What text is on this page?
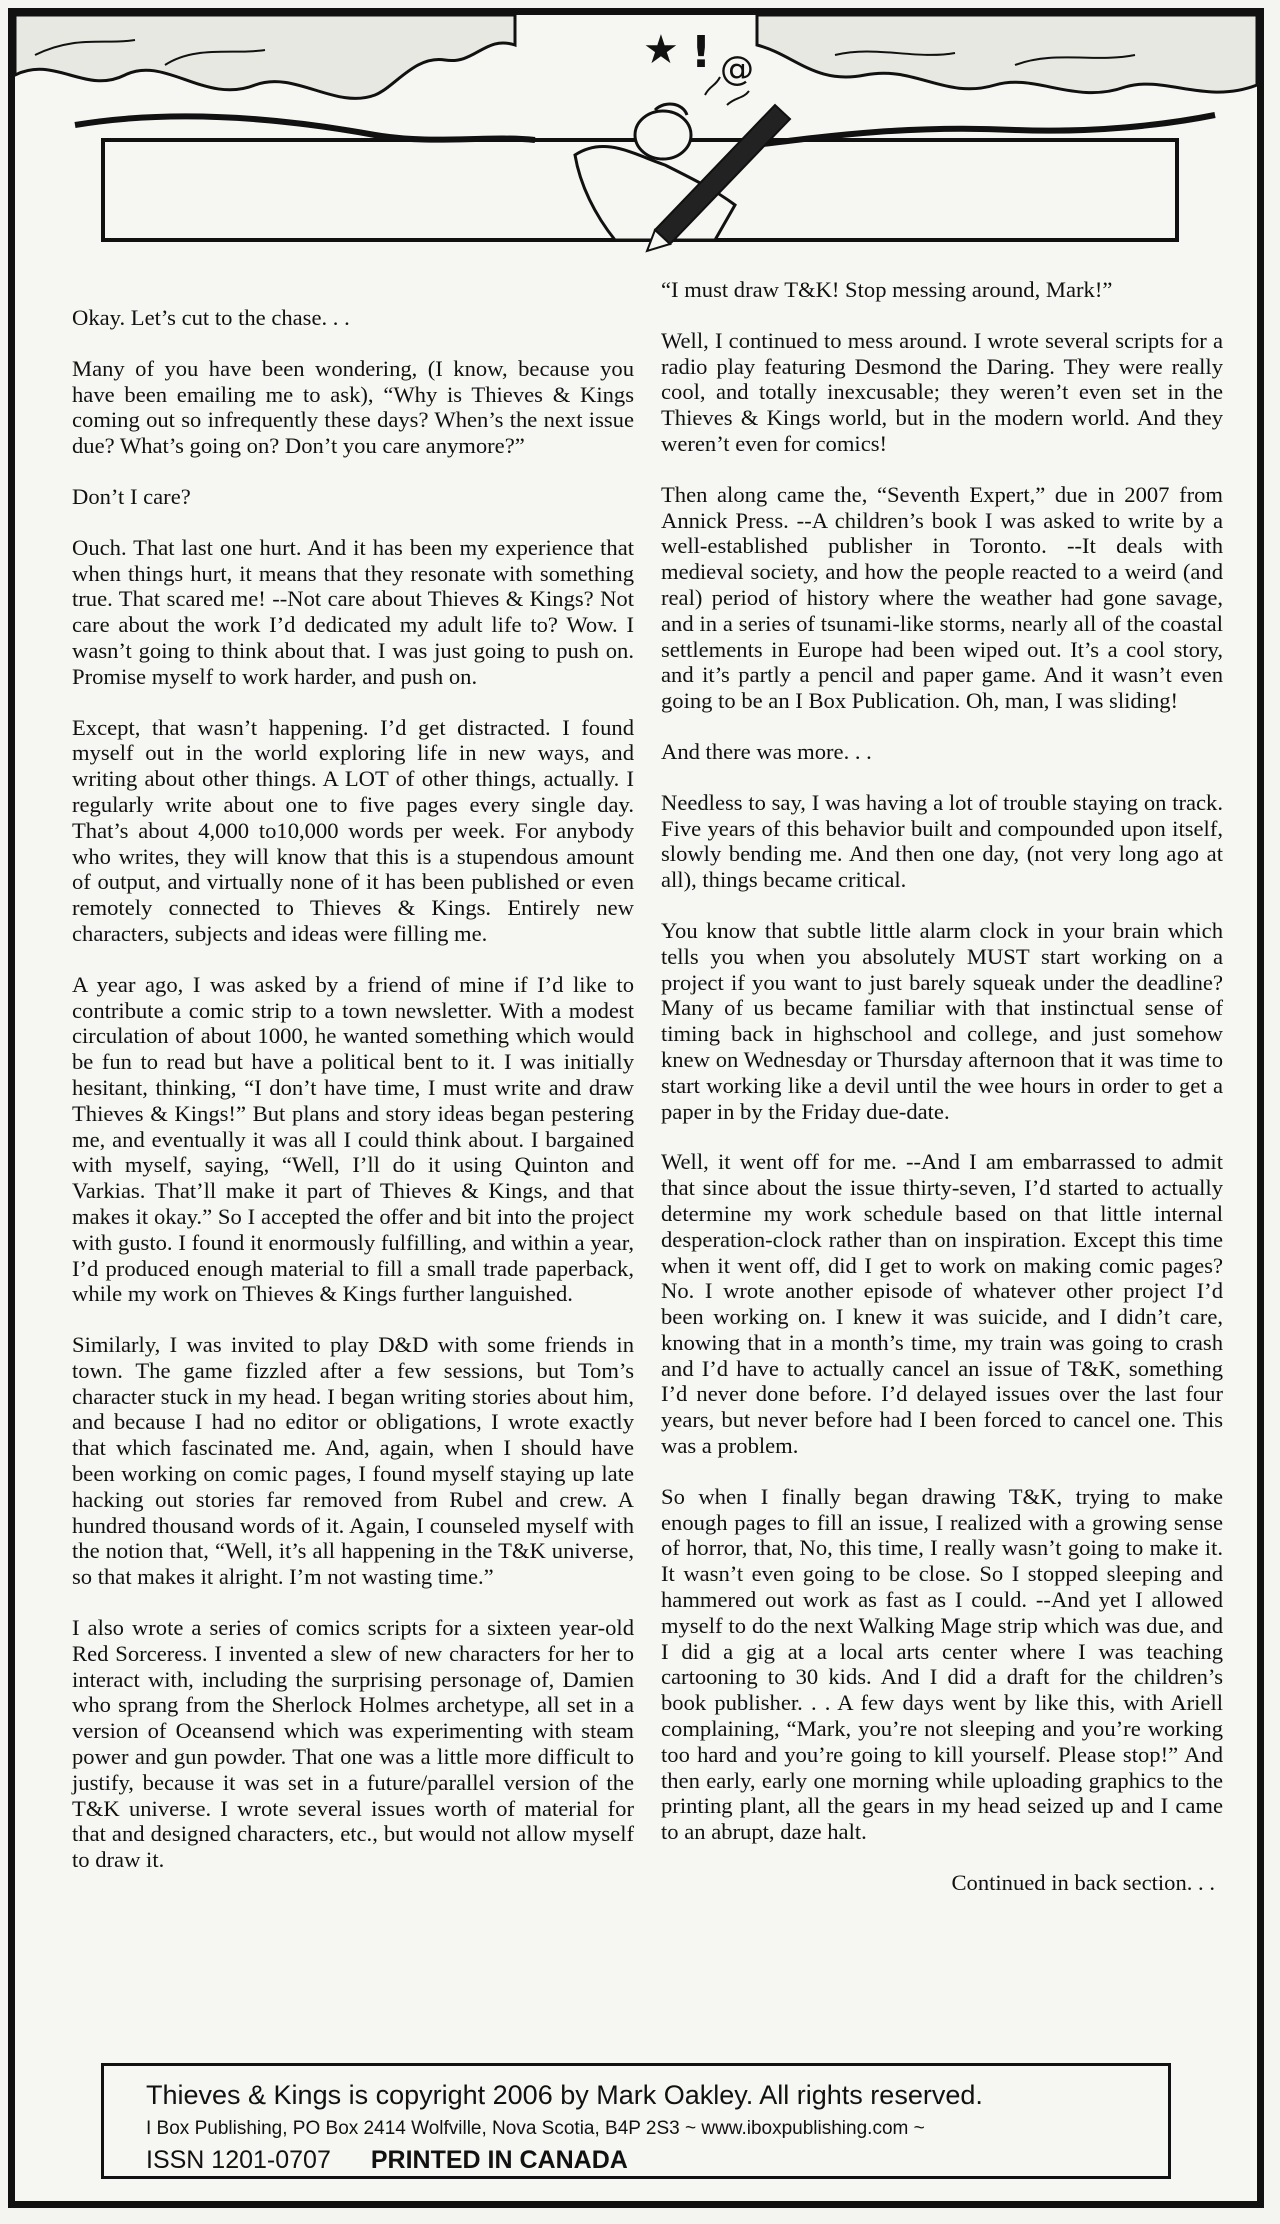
★ ! @

Okay. Let’s cut to the chase. . .

Many of you have been wondering, (I know, because you have been emailing me to ask), “Why is Thieves & Kings coming out so infrequently these days? When’s the next issue due? What’s going on? Don’t you care anymore?”

Don’t I care?

Ouch. That last one hurt. And it has been my experience that when things hurt, it means that they resonate with something true. That scared me! --Not care about Thieves & Kings? Not care about the work I’d dedicated my adult life to? Wow. I wasn’t going to think about that. I was just going to push on. Promise myself to work harder, and push on.

Except, that wasn’t happening. I’d get distracted. I found myself out in the world exploring life in new ways, and writing about other things. A LOT of other things, actually. I regularly write about one to five pages every single day. That’s about 4,000 to10,000 words per week. For anybody who writes, they will know that this is a stupendous amount of output, and virtually none of it has been published or even remotely connected to Thieves & Kings. Entirely new characters, subjects and ideas were filling me.

A year ago, I was asked by a friend of mine if I’d like to contribute a comic strip to a town newsletter. With a modest circulation of about 1000, he wanted something which would be fun to read but have a political bent to it. I was initially hesitant, thinking, “I don’t have time, I must write and draw Thieves & Kings!” But plans and story ideas began pestering me, and eventually it was all I could think about. I bargained with myself, saying, “Well, I’ll do it using Quinton and Varkias. That’ll make it part of Thieves & Kings, and that makes it okay.” So I accepted the offer and bit into the project with gusto. I found it enormously fulfilling, and within a year, I’d produced enough material to fill a small trade paperback, while my work on Thieves & Kings further languished.

Similarly, I was invited to play D&D with some friends in town. The game fizzled after a few sessions, but Tom’s character stuck in my head. I began writing stories about him, and because I had no editor or obligations, I wrote exactly that which fascinated me. And, again, when I should have been working on comic pages, I found myself staying up late hacking out stories far removed from Rubel and crew. A hundred thousand words of it. Again, I counseled myself with the notion that, “Well, it’s all happening in the T&K universe, so that makes it alright. I’m not wasting time.”

I also wrote a series of comics scripts for a sixteen year-old Red Sorceress. I invented a slew of new characters for her to interact with, including the surprising personage of, Damien who sprang from the Sherlock Holmes archetype, all set in a version of Oceansend which was experimenting with steam power and gun powder. That one was a little more difficult to justify, because it was set in a future/parallel version of the T&K universe. I wrote several issues worth of material for that and designed characters, etc., but would not allow myself to draw it.

“I must draw T&K! Stop messing around, Mark!”

Well, I continued to mess around. I wrote several scripts for a radio play featuring Desmond the Daring. They were really cool, and totally inexcusable; they weren’t even set in the Thieves & Kings world, but in the modern world. And they weren’t even for comics!

Then along came the, “Seventh Expert,” due in 2007 from Annick Press. --A children’s book I was asked to write by a well-established publisher in Toronto. --It deals with medieval society, and how the people reacted to a weird (and real) period of history where the weather had gone savage, and in a series of tsunami-like storms, nearly all of the coastal settlements in Europe had been wiped out. It’s a cool story, and it’s partly a pencil and paper game. And it wasn’t even going to be an I Box Publication. Oh, man, I was sliding!

And there was more. . .

Needless to say, I was having a lot of trouble staying on track. Five years of this behavior built and compounded upon itself, slowly bending me. And then one day, (not very long ago at all), things became critical.

You know that subtle little alarm clock in your brain which tells you when you absolutely MUST start working on a project if you want to just barely squeak under the deadline? Many of us became familiar with that instinctual sense of timing back in highschool and college, and just somehow knew on Wednesday or Thursday afternoon that it was time to start working like a devil until the wee hours in order to get a paper in by the Friday due-date.

Well, it went off for me. --And I am embarrassed to admit that since about the issue thirty-seven, I’d started to actually determine my work schedule based on that little internal desperation-clock rather than on inspiration. Except this time when it went off, did I get to work on making comic pages? No. I wrote another episode of whatever other project I’d been working on. I knew it was suicide, and I didn’t care, knowing that in a month’s time, my train was going to crash and I’d have to actually cancel an issue of T&K, something I’d never done before. I’d delayed issues over the last four years, but never before had I been forced to cancel one. This was a problem.

So when I finally began drawing T&K, trying to make enough pages to fill an issue, I realized with a growing sense of horror, that, No, this time, I really wasn’t going to make it. It wasn’t even going to be close. So I stopped sleeping and hammered out work as fast as I could. --And yet I allowed myself to do the next Walking Mage strip which was due, and I did a gig at a local arts center where I was teaching cartooning to 30 kids. And I did a draft for the children’s book publisher. . . A few days went by like this, with Ariell complaining, “Mark, you’re not sleeping and you’re working too hard and you’re going to kill yourself. Please stop!” And then early, early one morning while uploading graphics to the printing plant, all the gears in my head seized up and I came to an abrupt, daze halt.

Continued in back section. . .

Thieves & Kings is copyright 2006 by Mark Oakley. All rights reserved.
I Box Publishing, PO Box 2414 Wolfville, Nova Scotia, B4P 2S3 ~ www.iboxpublishing.com ~
ISSN 1201-0707 PRINTED IN CANADA
